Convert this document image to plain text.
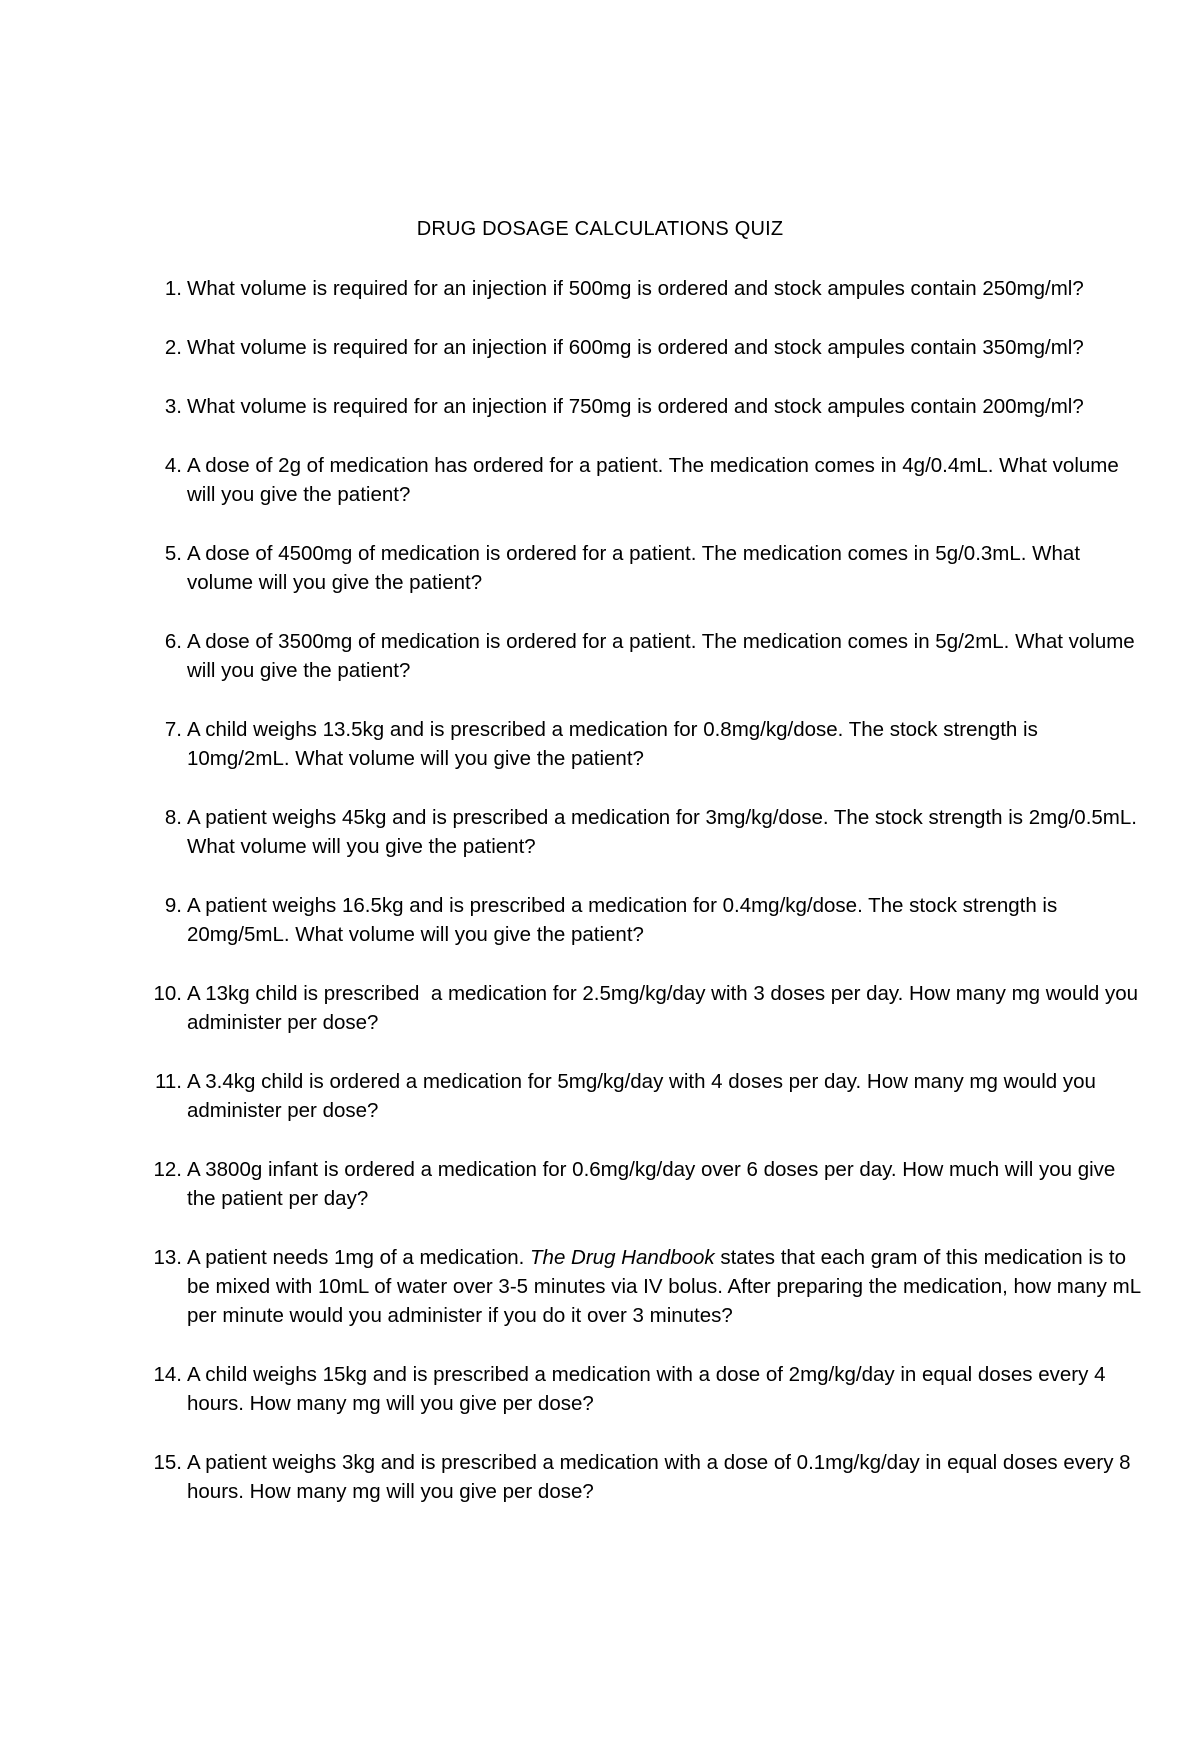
DRUG DOSAGE CALCULATIONS QUIZ
1. What volume is required for an injection if 500mg is ordered and stock ampules contain 250mg/ml?
2. What volume is required for an injection if 600mg is ordered and stock ampules contain 350mg/ml?
3. What volume is required for an injection if 750mg is ordered and stock ampules contain 200mg/ml?
4. A dose of 2g of medication has ordered for a patient. The medication comes in 4g/0.4mL. What volume will you give the patient?
5. A dose of 4500mg of medication is ordered for a patient. The medication comes in 5g/0.3mL. What volume will you give the patient?
6. A dose of 3500mg of medication is ordered for a patient. The medication comes in 5g/2mL. What volume will you give the patient?
7. A child weighs 13.5kg and is prescribed a medication for 0.8mg/kg/dose. The stock strength is 10mg/2mL. What volume will you give the patient?
8. A patient weighs 45kg and is prescribed a medication for 3mg/kg/dose. The stock strength is 2mg/0.5mL. What volume will you give the patient?
9. A patient weighs 16.5kg and is prescribed a medication for 0.4mg/kg/dose. The stock strength is 20mg/5mL. What volume will you give the patient?
10. A 13kg child is prescribed  a medication for 2.5mg/kg/day with 3 doses per day. How many mg would you administer per dose?
11. A 3.4kg child is ordered a medication for 5mg/kg/day with 4 doses per day. How many mg would you administer per dose?
12. A 3800g infant is ordered a medication for 0.6mg/kg/day over 6 doses per day. How much will you give the patient per day?
13. A patient needs 1mg of a medication. The Drug Handbook states that each gram of this medication is to be mixed with 10mL of water over 3-5 minutes via IV bolus. After preparing the medication, how many mL per minute would you administer if you do it over 3 minutes?
14. A child weighs 15kg and is prescribed a medication with a dose of 2mg/kg/day in equal doses every 4 hours. How many mg will you give per dose?
15. A patient weighs 3kg and is prescribed a medication with a dose of 0.1mg/kg/day in equal doses every 8 hours. How many mg will you give per dose?
